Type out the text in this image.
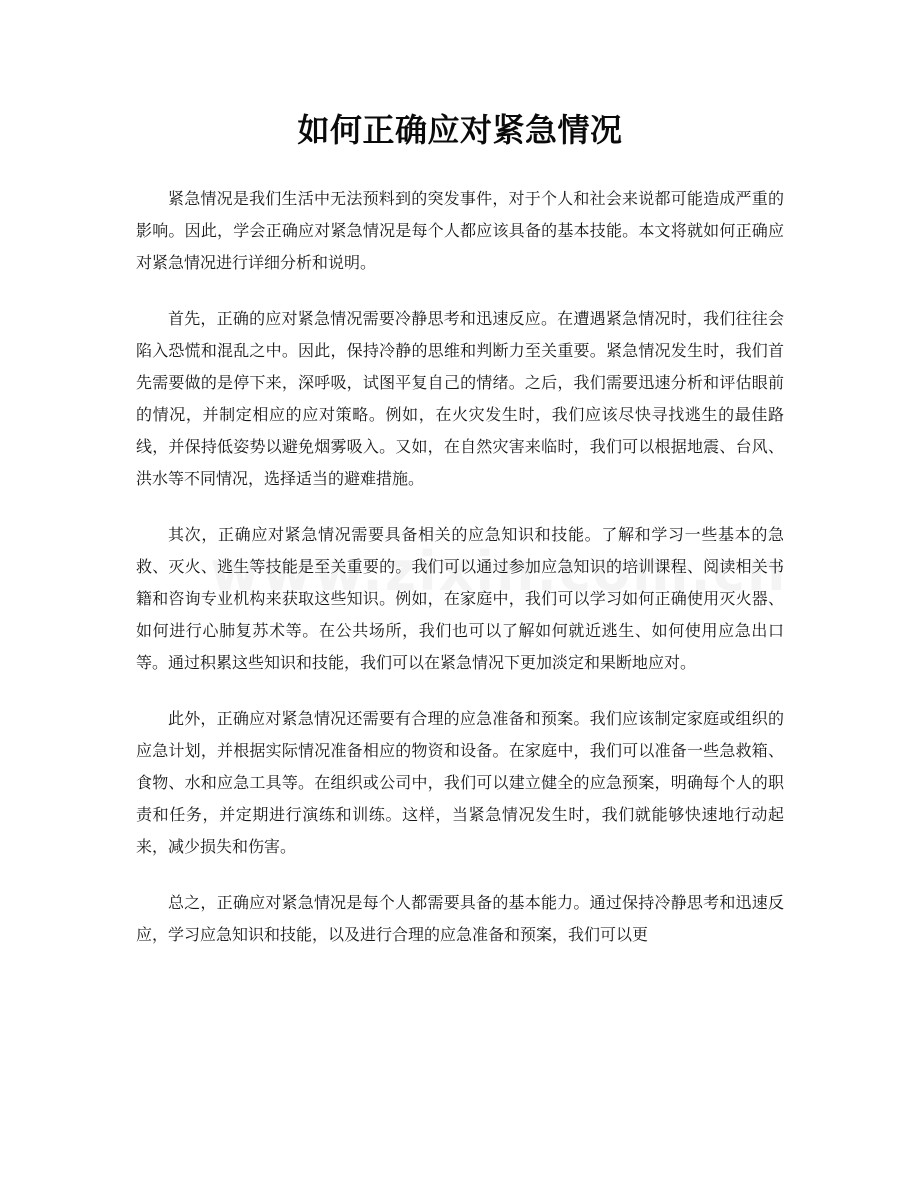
如何正确应对紧急情况

紧急情况是我们生活中无法预料到的突发事件，对于个人和社会来说都可能造成严重的影响。因此，学会正确应对紧急情况是每个人都应该具备的基本技能。本文将就如何正确应对紧急情况进行详细分析和说明。

首先，正确的应对紧急情况需要冷静思考和迅速反应。在遭遇紧急情况时，我们往往会陷入恐慌和混乱之中。因此，保持冷静的思维和判断力至关重要。紧急情况发生时，我们首先需要做的是停下来，深呼吸，试图平复自己的情绪。之后，我们需要迅速分析和评估眼前的情况，并制定相应的应对策略。例如，在火灾发生时，我们应该尽快寻找逃生的最佳路线，并保持低姿势以避免烟雾吸入。又如，在自然灾害来临时，我们可以根据地震、台风、洪水等不同情况，选择适当的避难措施。

其次，正确应对紧急情况需要具备相关的应急知识和技能。了解和学习一些基本的急救、灭火、逃生等技能是至关重要的。我们可以通过参加应急知识的培训课程、阅读相关书籍和咨询专业机构来获取这些知识。例如，在家庭中，我们可以学习如何正确使用灭火器、如何进行心肺复苏术等。在公共场所，我们也可以了解如何就近逃生、如何使用应急出口等。通过积累这些知识和技能，我们可以在紧急情况下更加淡定和果断地应对。

此外，正确应对紧急情况还需要有合理的应急准备和预案。我们应该制定家庭或组织的应急计划，并根据实际情况准备相应的物资和设备。在家庭中，我们可以准备一些急救箱、食物、水和应急工具等。在组织或公司中，我们可以建立健全的应急预案，明确每个人的职责和任务，并定期进行演练和训练。这样，当紧急情况发生时，我们就能够快速地行动起来，减少损失和伤害。

总之，正确应对紧急情况是每个人都需要具备的基本能力。通过保持冷静思考和迅速反应，学习应急知识和技能，以及进行合理的应急准备和预案，我们可以更
